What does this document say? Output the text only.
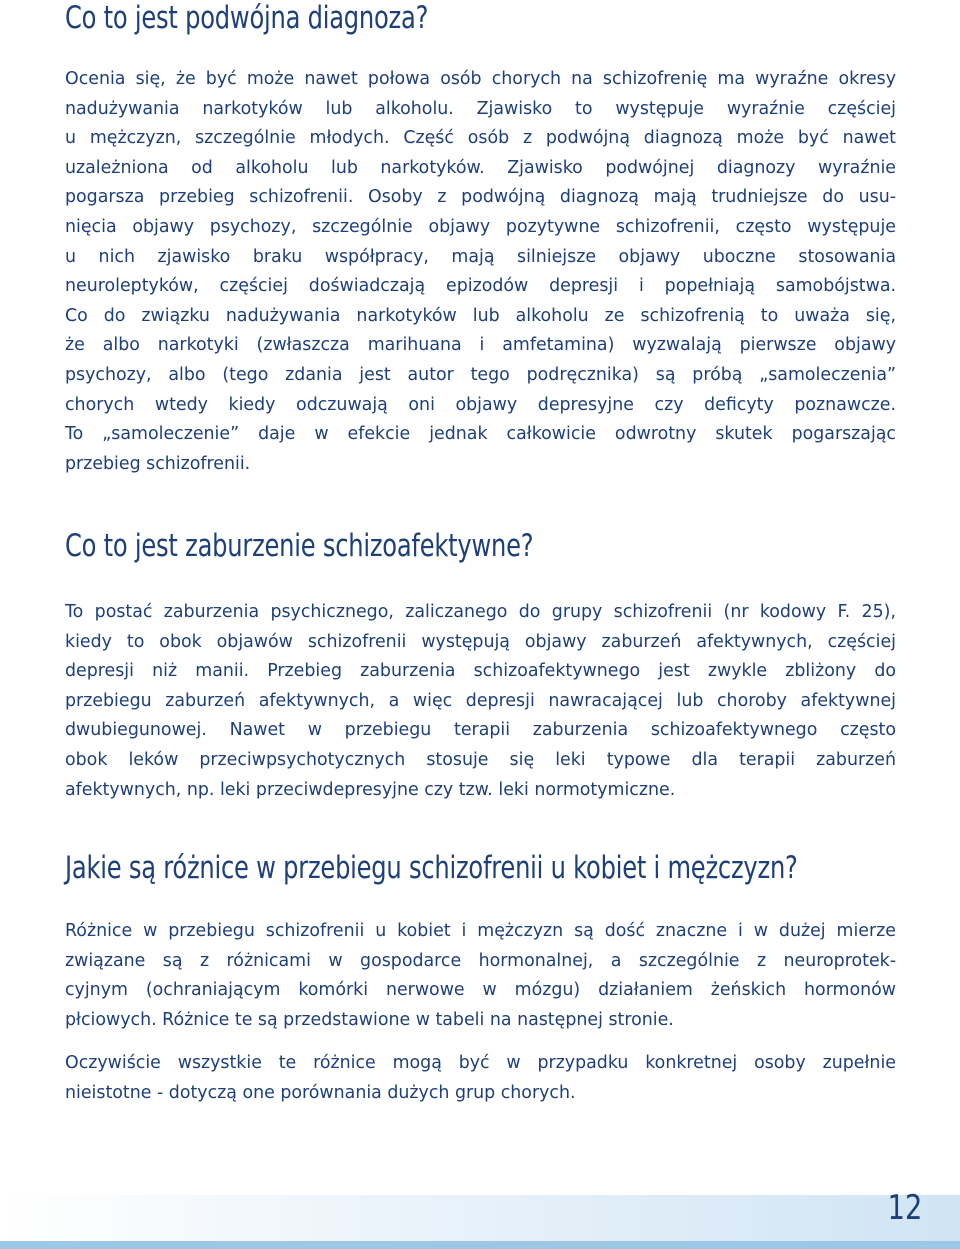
Co to jest podwójna diagnoza?
Ocenia się, że być może nawet połowa osób chorych na schizofrenię ma wyraźne okresy
nadużywania narkotyków lub alkoholu. Zjawisko to występuje wyraźnie częściej
u mężczyzn, szczególnie młodych. Część osób z podwójną diagnozą może być nawet
uzależniona od alkoholu lub narkotyków. Zjawisko podwójnej diagnozy wyraźnie
pogarsza przebieg schizofrenii. Osoby z podwójną diagnozą mają trudniejsze do usu-
nięcia objawy psychozy, szczególnie objawy pozytywne schizofrenii, często występuje
u nich zjawisko braku współpracy, mają silniejsze objawy uboczne stosowania
neuroleptyków, częściej doświadczają epizodów depresji i popełniają samobójstwa.
Co do związku nadużywania narkotyków lub alkoholu ze schizofrenią to uważa się,
że albo narkotyki (zwłaszcza marihuana i amfetamina) wyzwalają pierwsze objawy
psychozy, albo (tego zdania jest autor tego podręcznika) są próbą „samoleczenia”
chorych wtedy kiedy odczuwają oni objawy depresyjne czy deficyty poznawcze.
To „samoleczenie” daje w efekcie jednak całkowicie odwrotny skutek pogarszając
przebieg schizofrenii.
Co to jest zaburzenie schizoafektywne?
To postać zaburzenia psychicznego, zaliczanego do grupy schizofrenii (nr kodowy F. 25),
kiedy to obok objawów schizofrenii występują objawy zaburzeń afektywnych, częściej
depresji niż manii. Przebieg zaburzenia schizoafektywnego jest zwykle zbliżony do
przebiegu zaburzeń afektywnych, a więc depresji nawracającej lub choroby afektywnej
dwubiegunowej. Nawet w przebiegu terapii zaburzenia schizoafektywnego często
obok leków przeciwpsychotycznych stosuje się leki typowe dla terapii zaburzeń
afektywnych, np. leki przeciwdepresyjne czy tzw. leki normotymiczne.
Jakie są różnice w przebiegu schizofrenii u kobiet i mężczyzn?
Różnice w przebiegu schizofrenii u kobiet i mężczyzn są dość znaczne i w dużej mierze
związane są z różnicami w gospodarce hormonalnej, a szczególnie z neuroprotek-
cyjnym (ochraniającym komórki nerwowe w mózgu) działaniem żeńskich hormonów
płciowych. Różnice te są przedstawione w tabeli na następnej stronie.
Oczywiście wszystkie te różnice mogą być w przypadku konkretnej osoby zupełnie
nieistotne - dotyczą one porównania dużych grup chorych.
12
